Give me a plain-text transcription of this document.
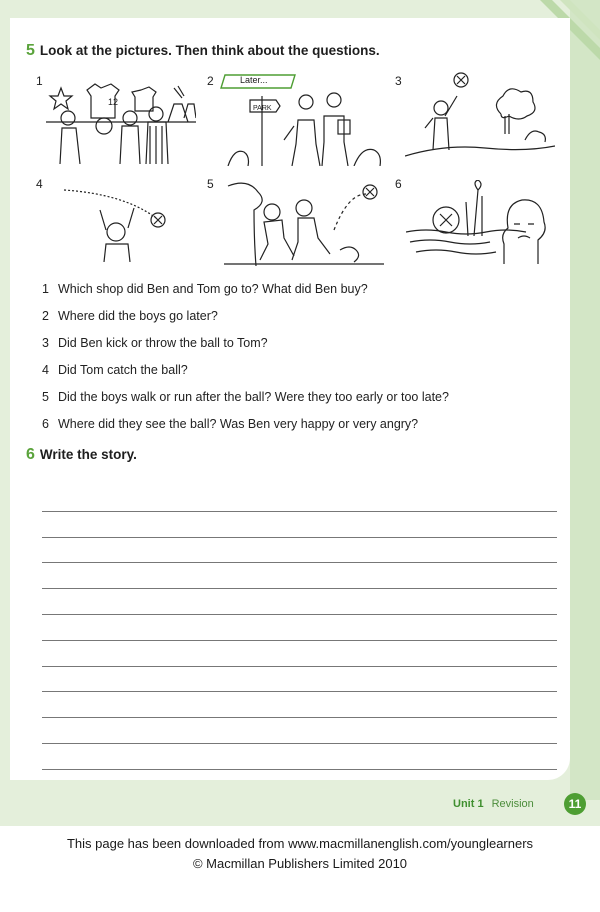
5 Look at the pictures. Then think about the questions.
1	2	3
4	5	6
12
Later...
PARK
1 Which shop did Ben and Tom go to? What did Ben buy?
2 Where did the boys go later?
3 Did Ben kick or throw the ball to Tom?
4 Did Tom catch the ball?
5 Did the boys walk or run after the ball? Were they too early or too late?
6 Where did they see the ball? Was Ben very happy or very angry?
6 Write the story.
Unit 1 Revision	11
This page has been downloaded from www.macmillanenglish.com/younglearners
© Macmillan Publishers Limited 2010
